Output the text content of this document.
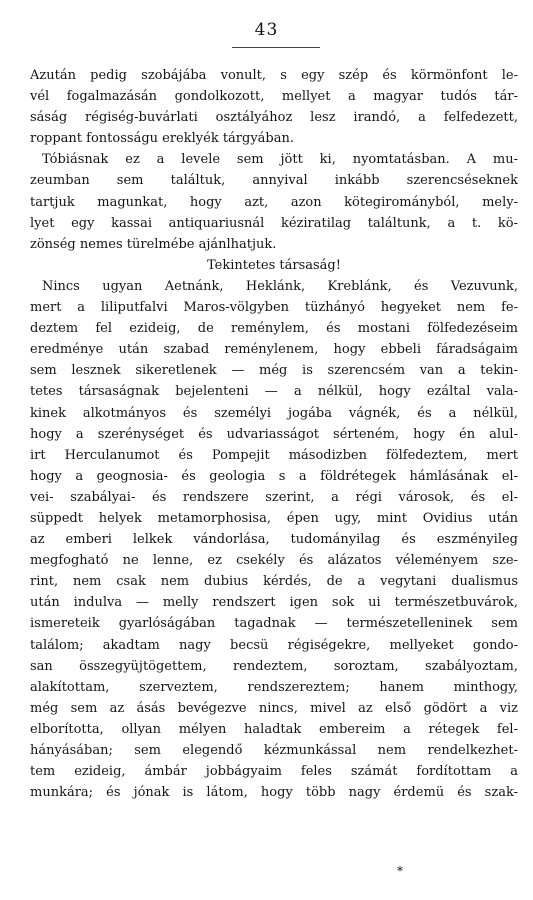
43
Azután pedig szobájába vonult, s egy szép és körmönfont le-
vél fogalmazásán gondolkozott, mellyet a magyar tudós tár-
sáság régiség-buvárlati osztályához lesz irandó, a felfedezett,
roppant fontosságu ereklyék tárgyában.
Tóbiásnak ez a levele sem jött ki, nyomtatásban. A mu-
zeumban sem találtuk, annyival inkább szerencséseknek
tartjuk magunkat, hogy azt, azon kötegirományból, mely-
lyet egy kassai antiquariusnál kéziratilag találtunk, a t. kö-
zönség nemes türelmébe ajánlhatjuk.
Tekintetes társaság!
Nincs ugyan Aetnánk, Heklánk, Kreblánk, és Vezuvunk,
mert a liliputfalvi Maros-völgyben tüzhányó hegyeket nem fe-
deztem fel ezideig, de reménylem, és mostani fölfedezéseim
eredménye után szabad reménylenem, hogy ebbeli fáradságaim
sem lesznek sikeretlenek — még is szerencsém van a tekin-
tetes társaságnak bejelenteni — a nélkül, hogy ezáltal vala-
kinek alkotmányos és személyi jogába vágnék, és a nélkül,
hogy a szerénységet és udvariasságot sérteném, hogy én alul-
irt Herculanumot és Pompejit másodizben fölfedeztem, mert
hogy a geognosia- és geologia s a földrétegek hámlásának el-
vei- szabályai- és rendszere szerint, a régi városok, és el-
süppedt helyek metamorphosisa, épen ugy, mint Ovidius után
az emberi lelkek vándorlása, tudományilag és eszményileg
megfogható ne lenne, ez csekély és alázatos véleményem sze-
rint, nem csak nem dubius kérdés, de a vegytani dualismus
után indulva — melly rendszert igen sok ui természetbuvárok,
ismereteik gyarlóságában tagadnak — természetelleninek sem
találom; akadtam nagy becsü régiségekre, mellyeket gondo-
san összegyüjtögettem, rendeztem, soroztam, szabályoztam,
alakítottam, szerveztem, rendszereztem; hanem minthogy,
még sem az ásás bevégezve nincs, mivel az első gödört a viz
elborította, ollyan mélyen haladtak embereim a rétegek fel-
hányásában; sem elegendő kézmunkással nem rendelkezhet-
tem ezideig, ámbár jobbágyaim feles számát fordítottam a
munkára; és jónak is látom, hogy több nagy érdemü és szak-
*
